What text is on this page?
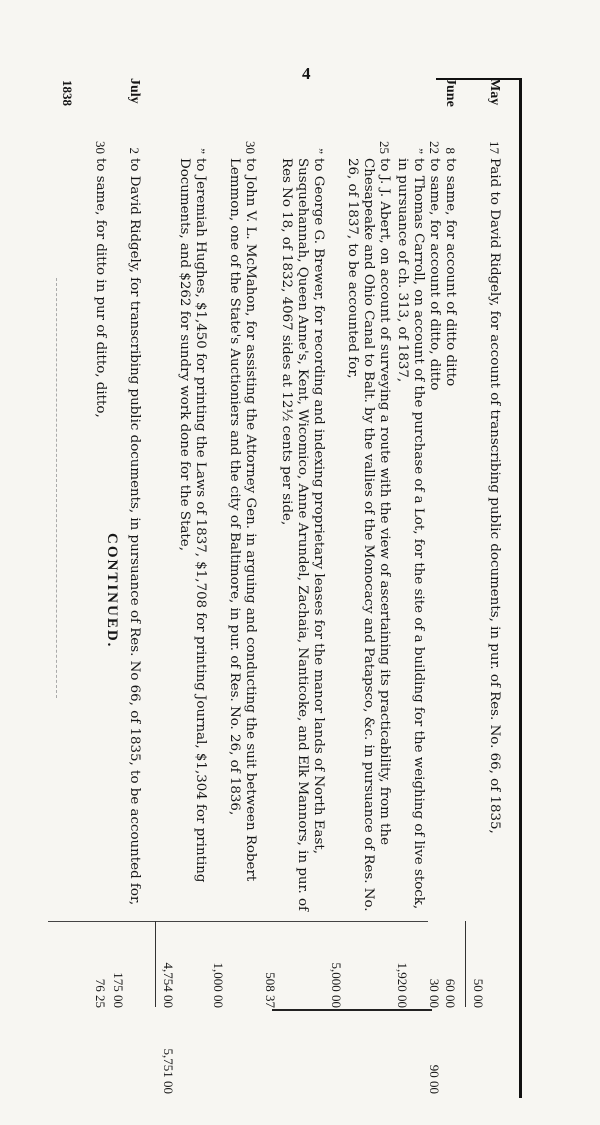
4
CONTINUED.
1838	May
17
Paid to David Ridgely, for account of transcribing public documents, in pur. of Res. No. 66, of 1835,
50 00
June
8
to same, for account of ditto ditto
60 00
22
to same, for account of ditto, ditto
30 00
90 00
”
to Thomas Carroll, on account of the purchase of a Lot, for the site of a building for the weighing of live stock, in pursuance of ch. 313, of 1837,
1,920 00
25
to J. J. Abert, on account of surveying a route with the view of ascertaining its practicability, from the Chesapeake and Ohio Canal to Balt. by the vallies of the Monocacy and Patapsco, &c. in pursuance of Res. No. 26, of 1837, to be accounted for,
5,000 00
”
to George G. Brewer, for recording and indexing proprietary leases for the manor lands of North East, Susquehannah, Queen Anne's, Kent, Wicomico, Anne Arundel, Zachaia, Nanticoke, and Elk Mannors, in pur. of Res No 18, of 1832, 4067 sides at 12½ cents per side,
508 37
30
to John V. L. McMahon, for assisting the Attorney Gen. in arguing and conducting the suit between Robert Lemmon, one of the State's Auctioniers and the city of Baltimore, in pur. of Res. No. 26, of 1836,
1,000 00
”
to Jeremiah Hughes, $1,450 for printing the Laws of 1837, $1,708 for printing Journal, $1,304 for printing Documents, and $262 for sundry work done for the State,
4,754 00
5,751 00
July
2
to David Ridgely, for transcribing public documents, in pursuance of Res. No 66, of 1835, to be accounted for,
175 00
30
to same, for ditto in pur of ditto, ditto,
76 25
